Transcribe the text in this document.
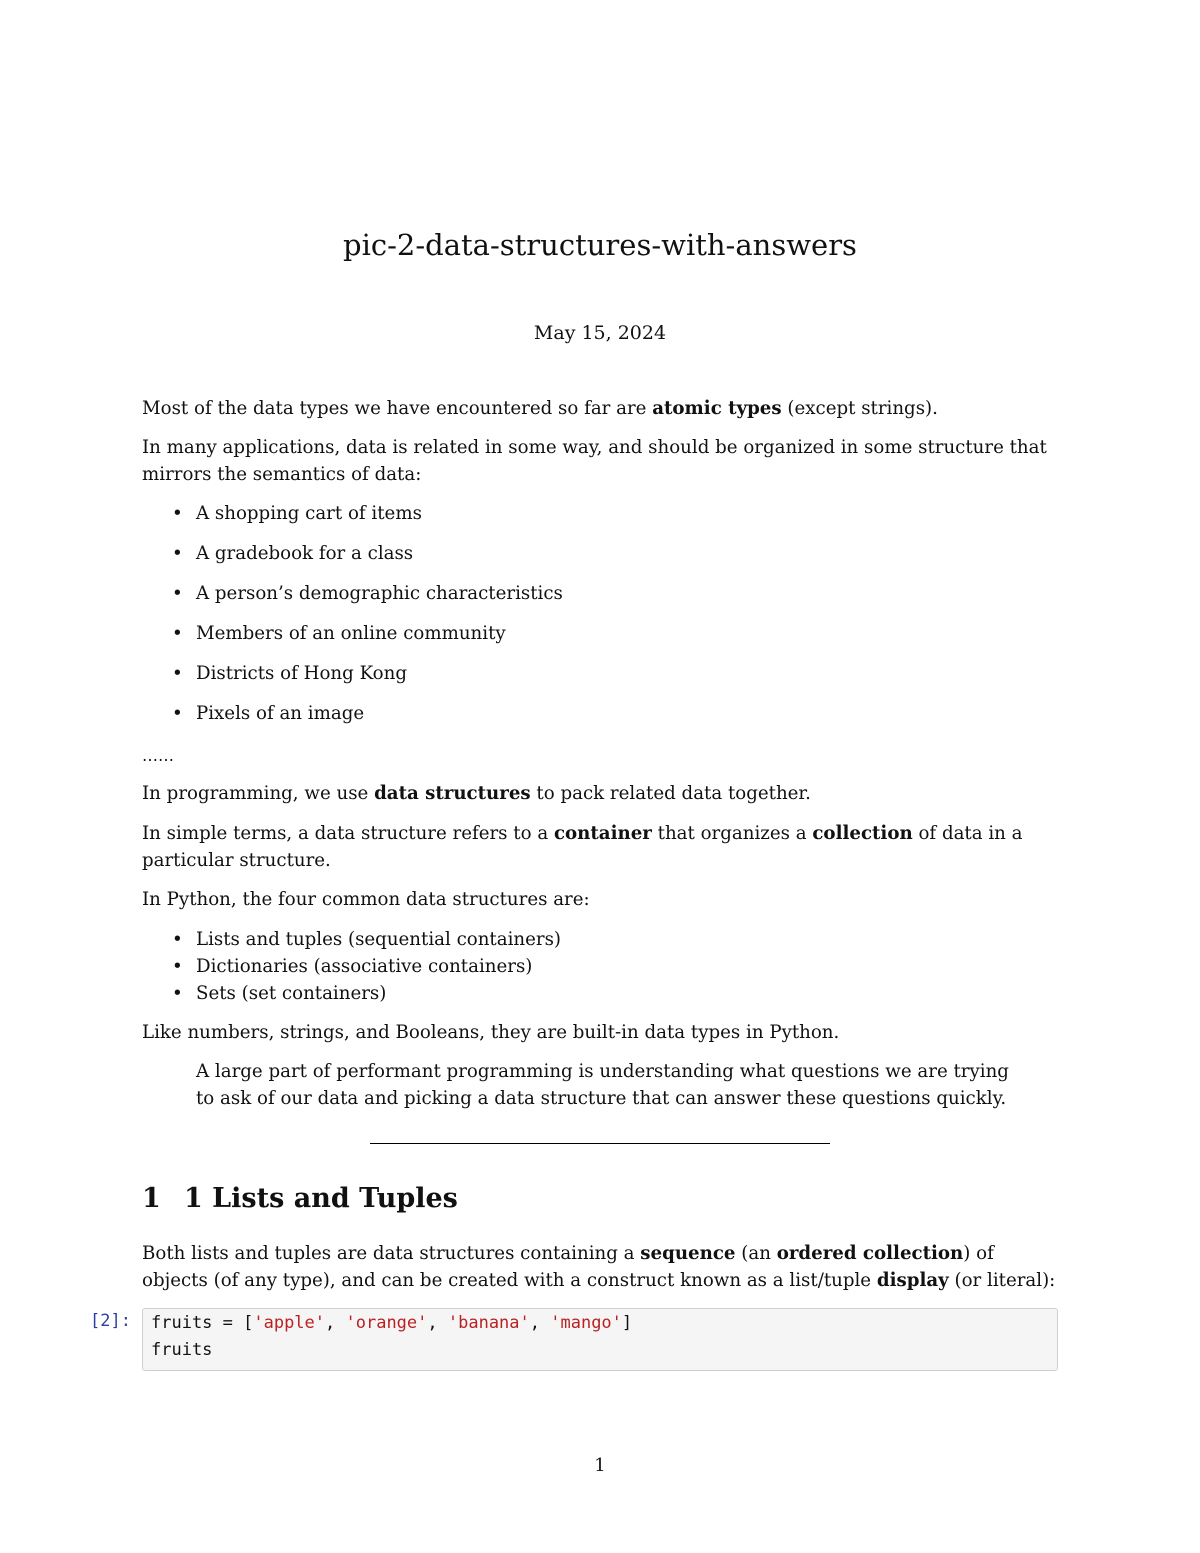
pic-2-data-structures-with-answers
May 15, 2024

Most of the data types we have encountered so far are atomic types (except strings).

In many applications, data is related in some way, and should be organized in some structure that mirrors the semantics of data:

• A shopping cart of items
• A gradebook for a class
• A person’s demographic characteristics
• Members of an online community
• Districts of Hong Kong
• Pixels of an image
……

In programming, we use data structures to pack related data together.

In simple terms, a data structure refers to a container that organizes a collection of data in a particular structure.

In Python, the four common data structures are:

• Lists and tuples (sequential containers)
• Dictionaries (associative containers)
• Sets (set containers)

Like numbers, strings, and Booleans, they are built-in data types in Python.

A large part of performant programming is understanding what questions we are trying to ask of our data and picking a data structure that can answer these questions quickly.

1 1 Lists and Tuples

Both lists and tuples are data structures containing a sequence (an ordered collection) of objects (of any type), and can be created with a construct known as a list/tuple display (or literal):

[2]: fruits = ['apple', 'orange', 'banana', 'mango']
fruits
1
